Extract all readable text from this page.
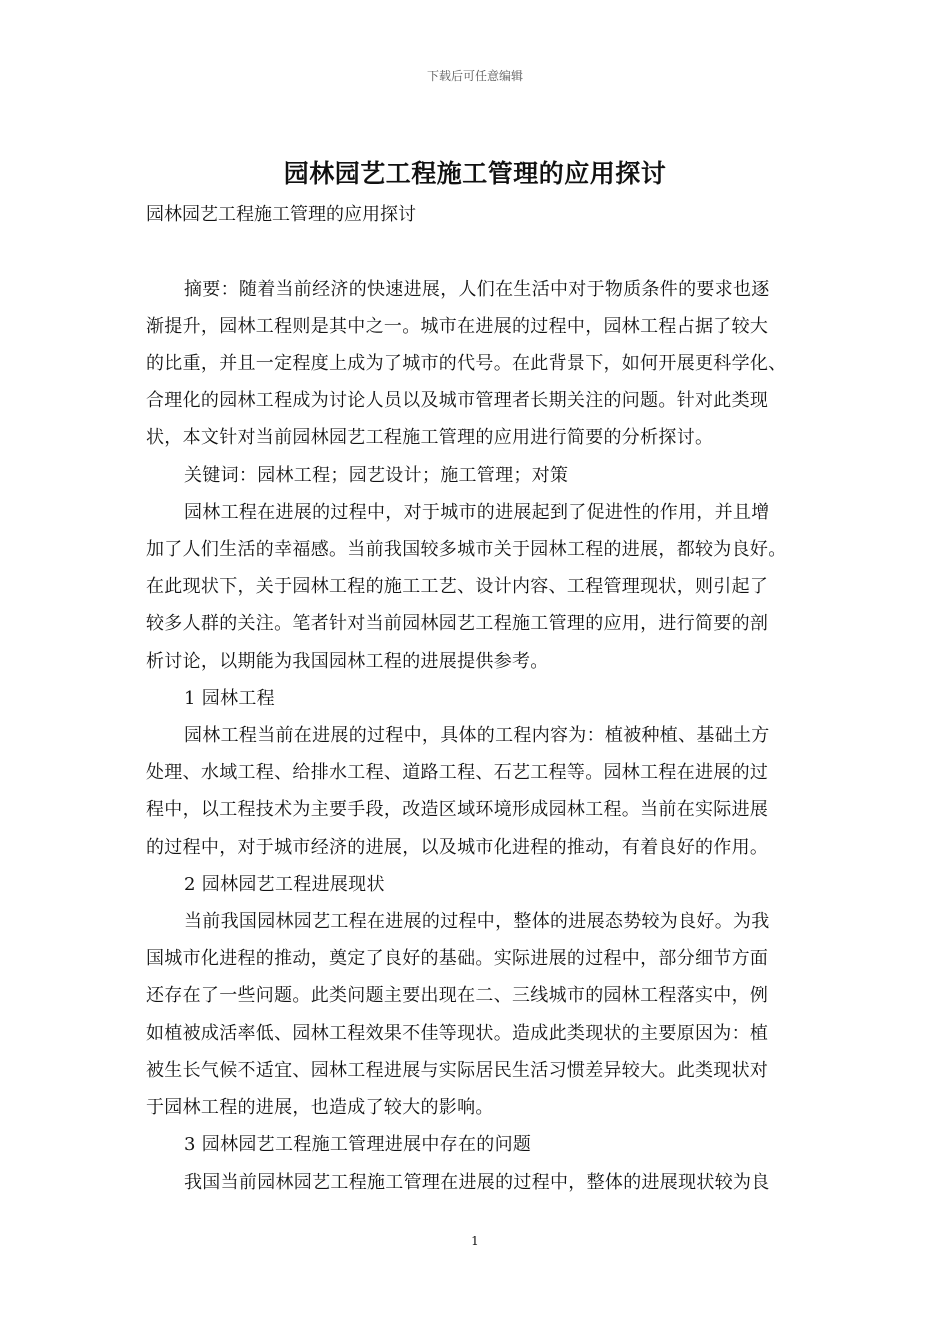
下载后可任意编辑
园林园艺工程施工管理的应用探讨
园林园艺工程施工管理的应用探讨
摘要：随着当前经济的快速进展，人们在生活中对于物质条件的要求也逐
渐提升，园林工程则是其中之一。城市在进展的过程中，园林工程占据了较大
的比重，并且一定程度上成为了城市的代号。在此背景下，如何开展更科学化、
合理化的园林工程成为讨论人员以及城市管理者长期关注的问题。针对此类现
状，本文针对当前园林园艺工程施工管理的应用进行简要的分析探讨。
关键词：园林工程；园艺设计；施工管理；对策
园林工程在进展的过程中，对于城市的进展起到了促进性的作用，并且增
加了人们生活的幸福感。当前我国较多城市关于园林工程的进展，都较为良好。
在此现状下，关于园林工程的施工工艺、设计内容、工程管理现状，则引起了
较多人群的关注。笔者针对当前园林园艺工程施工管理的应用，进行简要的剖
析讨论，以期能为我国园林工程的进展提供参考。
1 园林工程
园林工程当前在进展的过程中，具体的工程内容为：植被种植、基础土方
处理、水域工程、给排水工程、道路工程、石艺工程等。园林工程在进展的过
程中，以工程技术为主要手段，改造区域环境形成园林工程。当前在实际进展
的过程中，对于城市经济的进展，以及城市化进程的推动，有着良好的作用。
2 园林园艺工程进展现状
当前我国园林园艺工程在进展的过程中，整体的进展态势较为良好。为我
国城市化进程的推动，奠定了良好的基础。实际进展的过程中，部分细节方面
还存在了一些问题。此类问题主要出现在二、三线城市的园林工程落实中，例
如植被成活率低、园林工程效果不佳等现状。造成此类现状的主要原因为：植
被生长气候不适宜、园林工程进展与实际居民生活习惯差异较大。此类现状对
于园林工程的进展，也造成了较大的影响。
3 园林园艺工程施工管理进展中存在的问题
我国当前园林园艺工程施工管理在进展的过程中，整体的进展现状较为良
1
